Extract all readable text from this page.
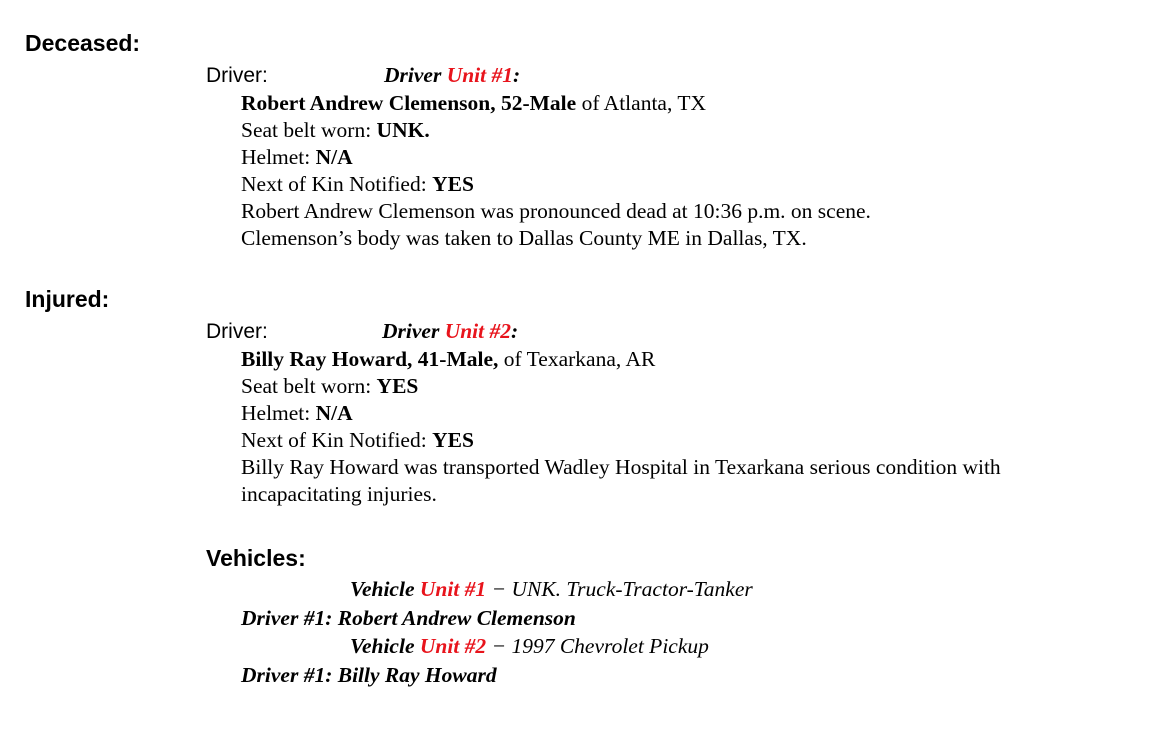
Deceased:
Driver:	Driver Unit #1:
Robert Andrew Clemenson, 52-Male of Atlanta, TX
Seat belt worn: UNK.
Helmet: N/A
Next of Kin Notified: YES
Robert Andrew Clemenson was pronounced dead at 10:36 p.m. on scene.
Clemenson’s body was taken to Dallas County ME in Dallas, TX.
Injured:
Driver:	Driver Unit #2:
Billy Ray Howard, 41-Male, of Texarkana, AR
Seat belt worn: YES
Helmet: N/A
Next of Kin Notified: YES
Billy Ray Howard was transported Wadley Hospital in Texarkana serious condition with
incapacitating injuries.
Vehicles:
Vehicle Unit #1 − UNK. Truck-Tractor-Tanker
Driver #1: Robert Andrew Clemenson
Vehicle Unit #2 − 1997 Chevrolet Pickup
Driver #1: Billy Ray Howard
